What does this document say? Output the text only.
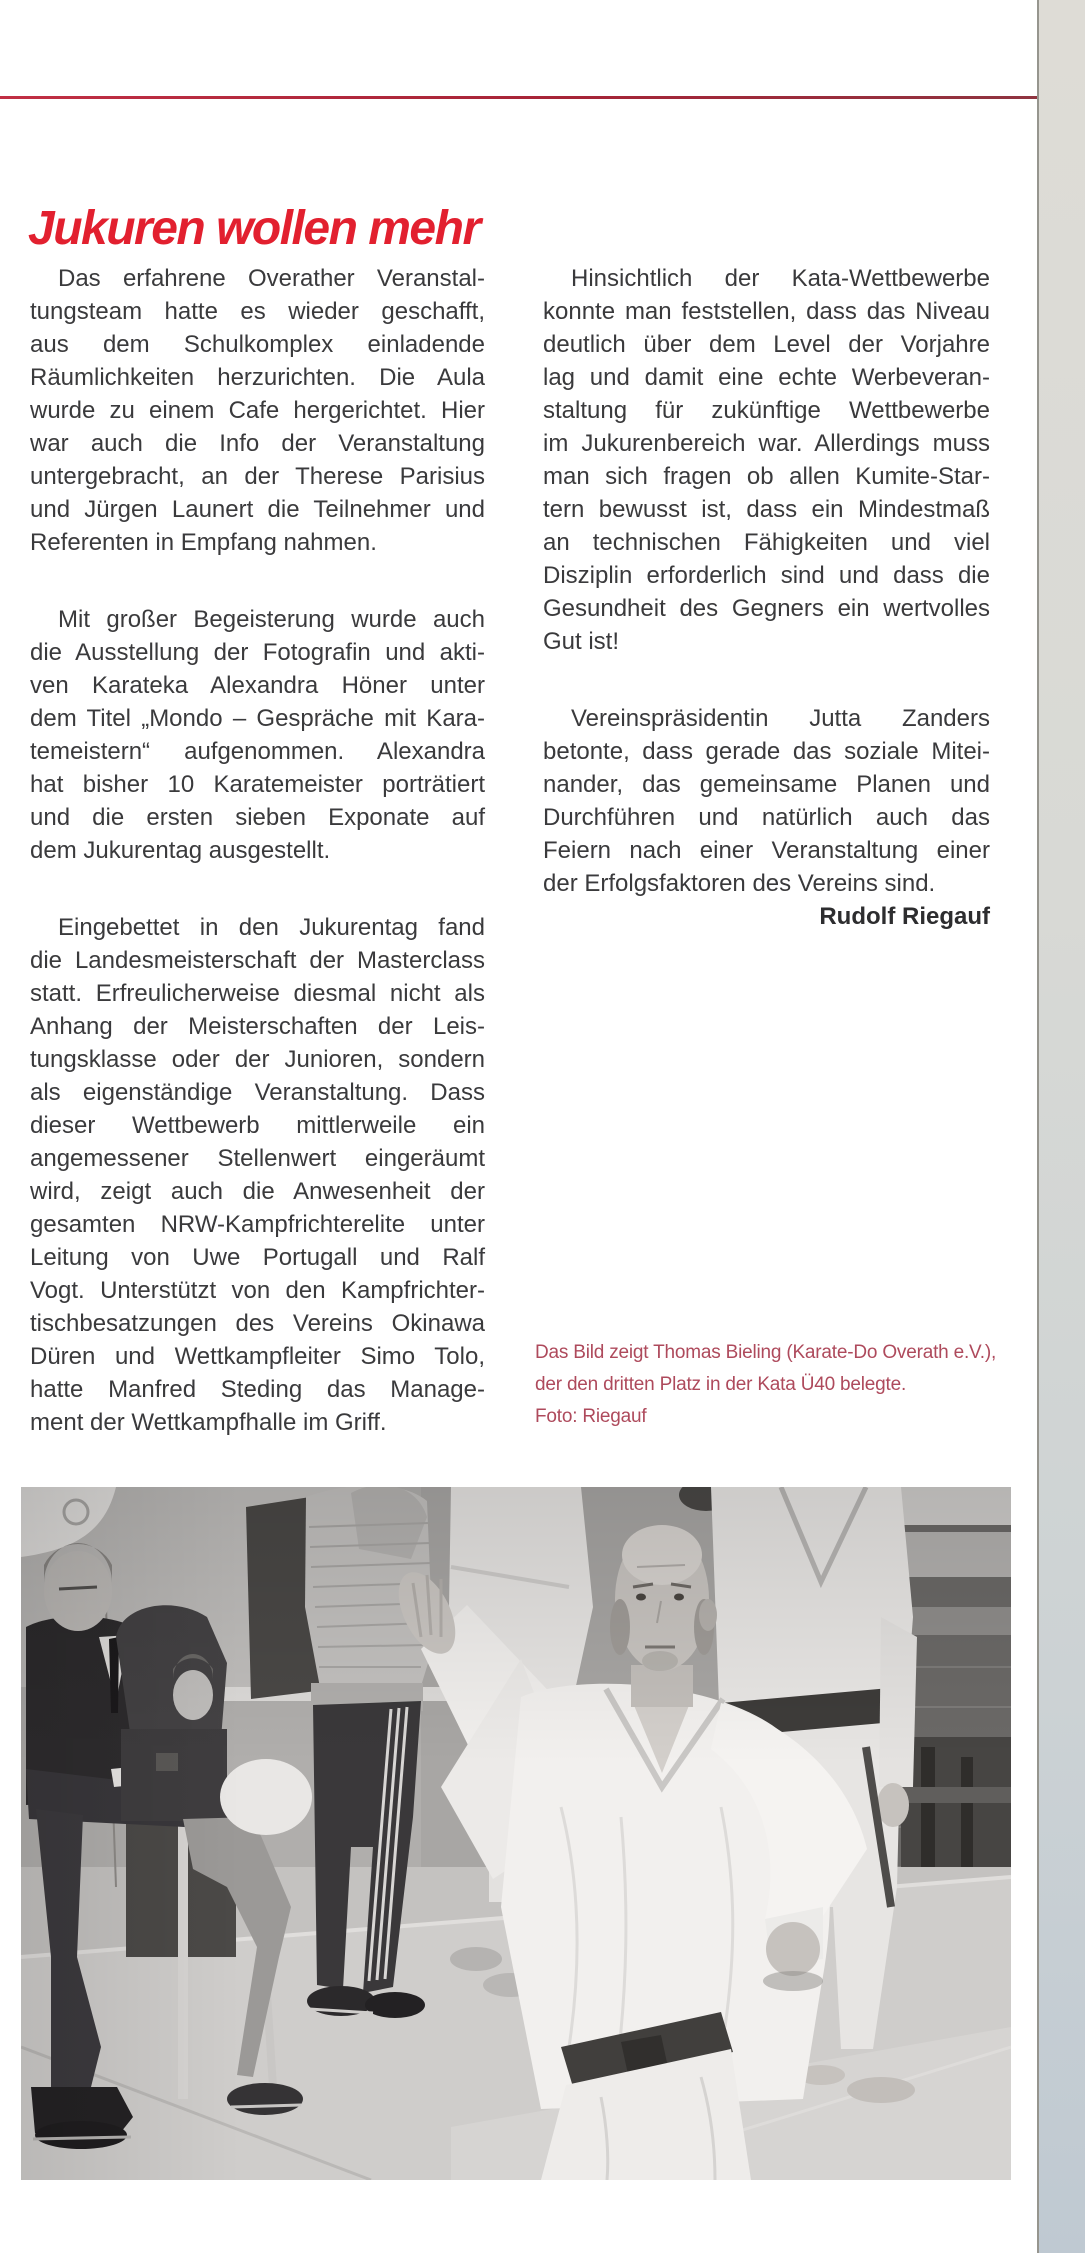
Jukuren wollen mehr
Das erfahrene Overather Veranstal-
tungsteam hatte es wieder geschafft,
aus dem Schulkomplex einladende
Räumlichkeiten herzurichten. Die Aula
wurde zu einem Cafe hergerichtet. Hier
war auch die Info der Veranstaltung
untergebracht, an der Therese Parisius
und Jürgen Launert die Teilnehmer und
Referenten in Empfang nahmen.
Mit großer Begeisterung wurde auch
die Ausstellung der Fotografin und akti-
ven Karateka Alexandra Höner unter
dem Titel „Mondo – Gespräche mit Kara-
temeistern“ aufgenommen. Alexandra
hat bisher 10 Karatemeister porträtiert
und die ersten sieben Exponate auf
dem Jukurentag ausgestellt.
Eingebettet in den Jukurentag fand
die Landesmeisterschaft der Masterclass
statt. Erfreulicherweise diesmal nicht als
Anhang der Meisterschaften der Leis-
tungsklasse oder der Junioren, sondern
als eigenständige Veranstaltung. Dass
dieser Wettbewerb mittlerweile ein
angemessener Stellenwert eingeräumt
wird, zeigt auch die Anwesenheit der
gesamten NRW-Kampfrichterelite unter
Leitung von Uwe Portugall und Ralf
Vogt. Unterstützt von den Kampfrichter-
tischbesatzungen des Vereins Okinawa
Düren und Wettkampfleiter Simo Tolo,
hatte Manfred Steding das Manage-
ment der Wettkampfhalle im Griff.
Hinsichtlich der Kata-Wettbewerbe
konnte man feststellen, dass das Niveau
deutlich über dem Level der Vorjahre
lag und damit eine echte Werbeveran-
staltung für zukünftige Wettbewerbe
im Jukurenbereich war. Allerdings muss
man sich fragen ob allen Kumite-Star-
tern bewusst ist, dass ein Mindestmaß
an technischen Fähigkeiten und viel
Disziplin erforderlich sind und dass die
Gesundheit des Gegners ein wertvolles
Gut ist!
Vereinspräsidentin Jutta Zanders
betonte, dass gerade das soziale Mitei-
nander, das gemeinsame Planen und
Durchführen und natürlich auch das
Feiern nach einer Veranstaltung einer
der Erfolgsfaktoren des Vereins sind.
Rudolf Riegauf
Das Bild zeigt Thomas Bieling (Karate-Do Overath e.V.),
der den dritten Platz in der Kata Ü40 belegte.
Foto: Riegauf
